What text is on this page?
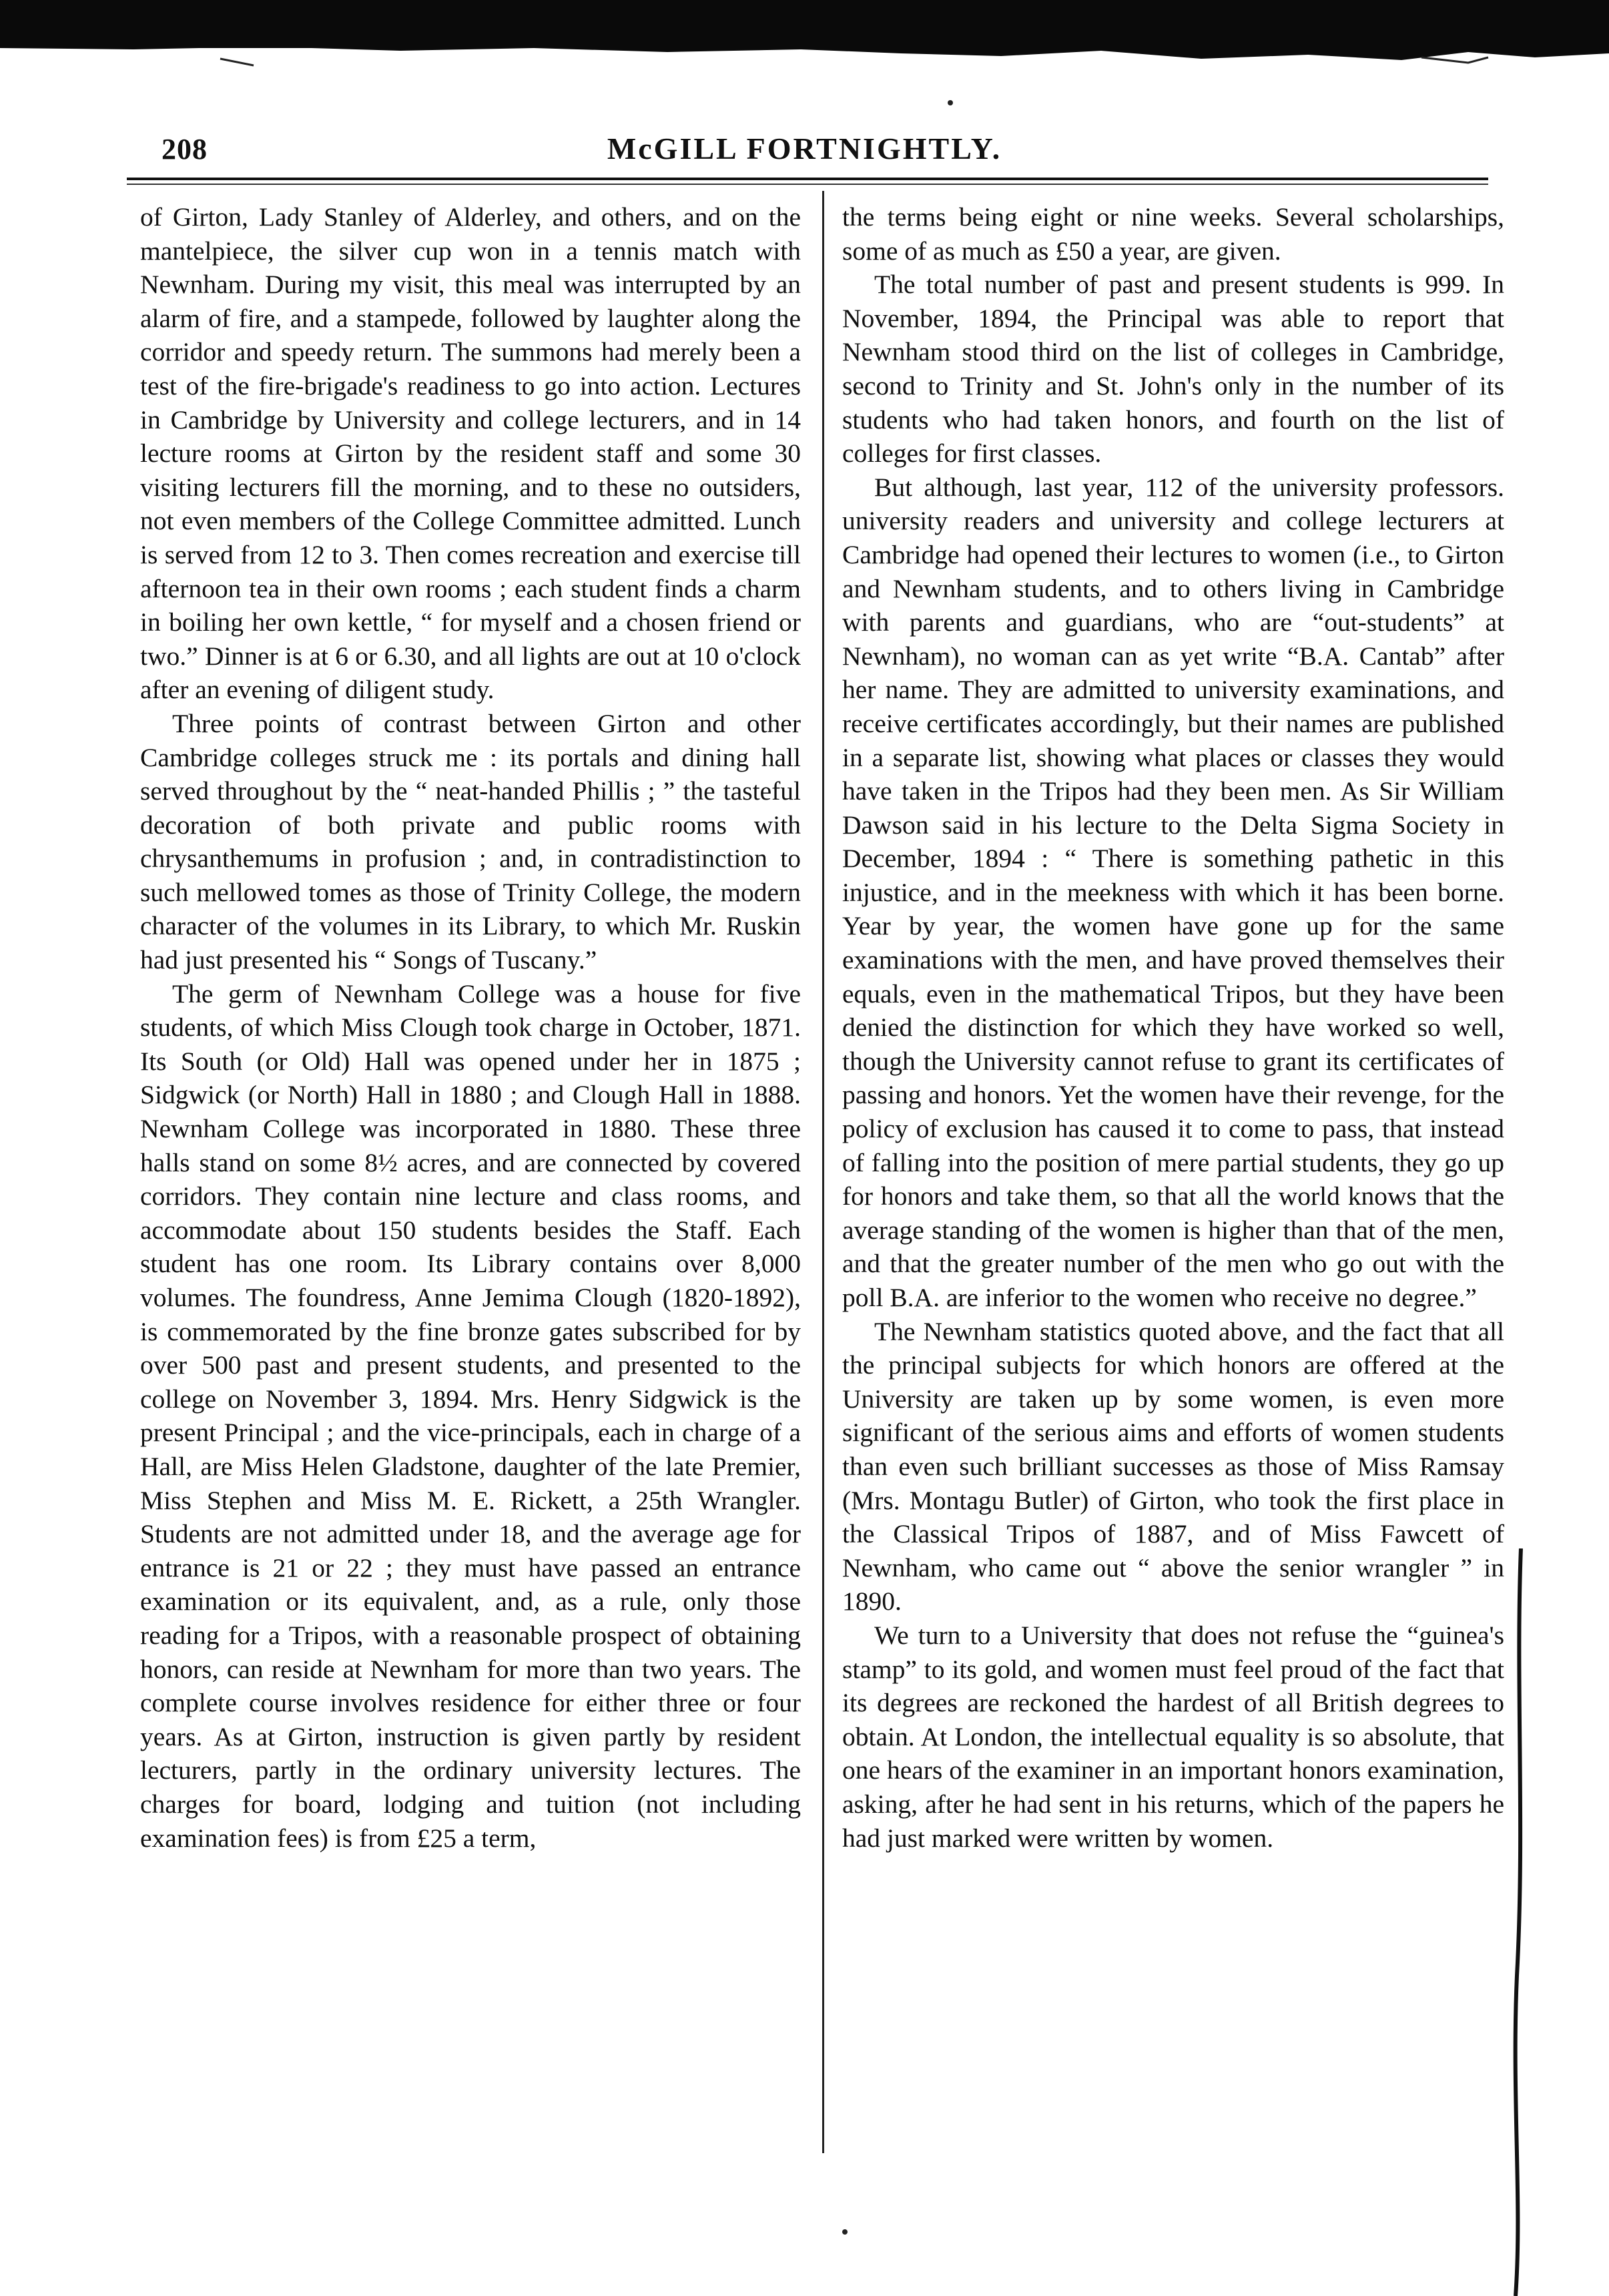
208	McGILL FORTNIGHTLY.

of Girton, Lady Stanley of Alderley, and others, and on the mantelpiece, the silver cup won in a tennis match with Newnham. During my visit, this meal was interrupted by an alarm of fire, and a stampede, followed by laughter along the corridor and speedy return. The summons had merely been a test of the fire-brigade's readiness to go into action. Lectures in Cambridge by University and college lecturers, and in 14 lecture rooms at Girton by the resident staff and some 30 visiting lecturers fill the morning, and to these no outsiders, not even members of the College Committee admitted. Lunch is served from 12 to 3. Then comes recreation and exercise till afternoon tea in their own rooms ; each student finds a charm in boiling her own kettle, “ for myself and a chosen friend or two.” Dinner is at 6 or 6.30, and all lights are out at 10 o'clock after an evening of diligent study.

Three points of contrast between Girton and other Cambridge colleges struck me : its portals and dining hall served throughout by the “ neat-handed Phillis ; ” the tasteful decoration of both private and public rooms with chrysanthemums in profusion ; and, in contradistinction to such mellowed tomes as those of Trinity College, the modern character of the volumes in its Library, to which Mr. Ruskin had just presented his “ Songs of Tuscany.”

The germ of Newnham College was a house for five students, of which Miss Clough took charge in October, 1871. Its South (or Old) Hall was opened under her in 1875 ; Sidgwick (or North) Hall in 1880 ; and Clough Hall in 1888. Newnham College was incorporated in 1880. These three halls stand on some 8½ acres, and are connected by covered corridors. They contain nine lecture and class rooms, and accommodate about 150 students besides the Staff. Each student has one room. Its Library contains over 8,000 volumes. The foundress, Anne Jemima Clough (1820-1892), is commemorated by the fine bronze gates subscribed for by over 500 past and present students, and presented to the college on November 3, 1894. Mrs. Henry Sidgwick is the present Principal ; and the vice-principals, each in charge of a Hall, are Miss Helen Gladstone, daughter of the late Premier, Miss Stephen and Miss M. E. Rickett, a 25th Wrangler. Students are not admitted under 18, and the average age for entrance is 21 or 22 ; they must have passed an entrance examination or its equivalent, and, as a rule, only those reading for a Tripos, with a reasonable prospect of obtaining honors, can reside at Newnham for more than two years. The complete course involves residence for either three or four years. As at Girton, instruction is given partly by resident lecturers, partly in the ordinary university lectures. The charges for board, lodging and tuition (not including examination fees) is from £25 a term,

the terms being eight or nine weeks. Several scholarships, some of as much as £50 a year, are given.

The total number of past and present students is 999. In November, 1894, the Principal was able to report that Newnham stood third on the list of colleges in Cambridge, second to Trinity and St. John's only in the number of its students who had taken honors, and fourth on the list of colleges for first classes.

But although, last year, 112 of the university professors. university readers and university and college lecturers at Cambridge had opened their lectures to women (i.e., to Girton and Newnham students, and to others living in Cambridge with parents and guardians, who are “out-students” at Newnham), no woman can as yet write “B.A. Cantab” after her name. They are admitted to university examinations, and receive certificates accordingly, but their names are published in a separate list, showing what places or classes they would have taken in the Tripos had they been men. As Sir William Dawson said in his lecture to the Delta Sigma Society in December, 1894 : “ There is something pathetic in this injustice, and in the meekness with which it has been borne. Year by year, the women have gone up for the same examinations with the men, and have proved themselves their equals, even in the mathematical Tripos, but they have been denied the distinction for which they have worked so well, though the University cannot refuse to grant its certificates of passing and honors. Yet the women have their revenge, for the policy of exclusion has caused it to come to pass, that instead of falling into the position of mere partial students, they go up for honors and take them, so that all the world knows that the average standing of the women is higher than that of the men, and that the greater number of the men who go out with the poll B.A. are inferior to the women who receive no degree.”

The Newnham statistics quoted above, and the fact that all the principal subjects for which honors are offered at the University are taken up by some women, is even more significant of the serious aims and efforts of women students than even such brilliant successes as those of Miss Ramsay (Mrs. Montagu Butler) of Girton, who took the first place in the Classical Tripos of 1887, and of Miss Fawcett of Newnham, who came out “ above the senior wrangler ” in 1890.

We turn to a University that does not refuse the “guinea's stamp” to its gold, and women must feel proud of the fact that its degrees are reckoned the hardest of all British degrees to obtain. At London, the intellectual equality is so absolute, that one hears of the examiner in an important honors examination, asking, after he had sent in his returns, which of the papers he had just marked were written by women.
